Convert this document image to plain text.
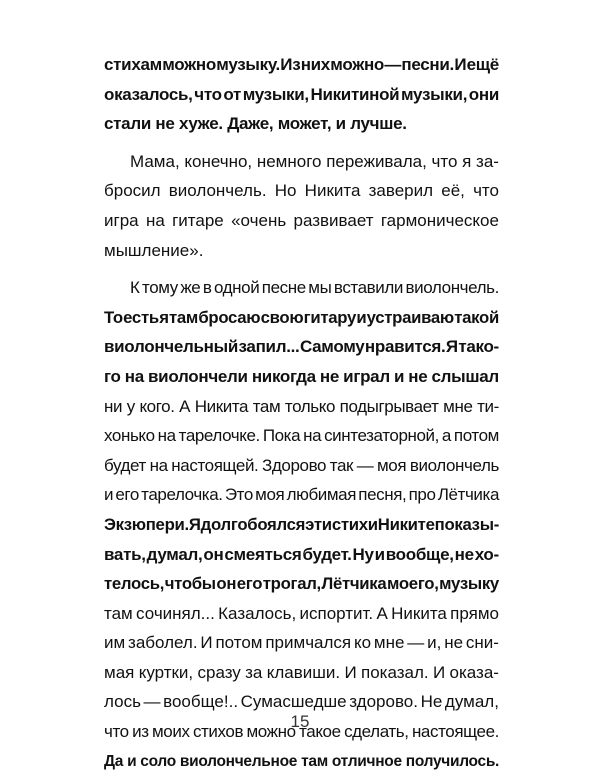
стихам можно музыку. Из них можно — песни. И ещё
оказалось, что от музыки, Никитиной музыки, они
стали не хуже. Даже, может, и лучше.
Мама, конечно, немного переживала, что я за-
бросил виолончель. Но Никита заверил её, что
игра на гитаре «очень развивает гармоническое
мышление».
К тому же в одной песне мы вставили виолончель.
То есть я там бросаю свою гитару и устраиваю такой
виолончельный запил... Самому нравится. Я тако-
го на виолончели никогда не играл и не слышал
ни у кого. А Никита там только подыгрывает мне ти-
хонько на тарелочке. Пока на синтезаторной, а потом
будет на настоящей. Здорово так — моя виолончель
и его тарелочка. Это моя любимая песня, про Лётчика
Экзюпери. Я долго боялся эти стихи Никите показы-
вать, думал, он смеяться будет. Ну и вообще, не хо-
телось, чтобы он его трогал, Лётчика моего, музыку
там сочинял... Казалось, испортит. А Никита прямо
им заболел. И потом примчался ко мне — и, не сни-
мая куртки, сразу за клавиши. И показал. И оказа-
лось — вообще!.. Сумасшедше здорово. Не думал,
что из моих стихов можно такое сделать, настоящее.
Да и соло виолончельное там отличное получилось.
15
